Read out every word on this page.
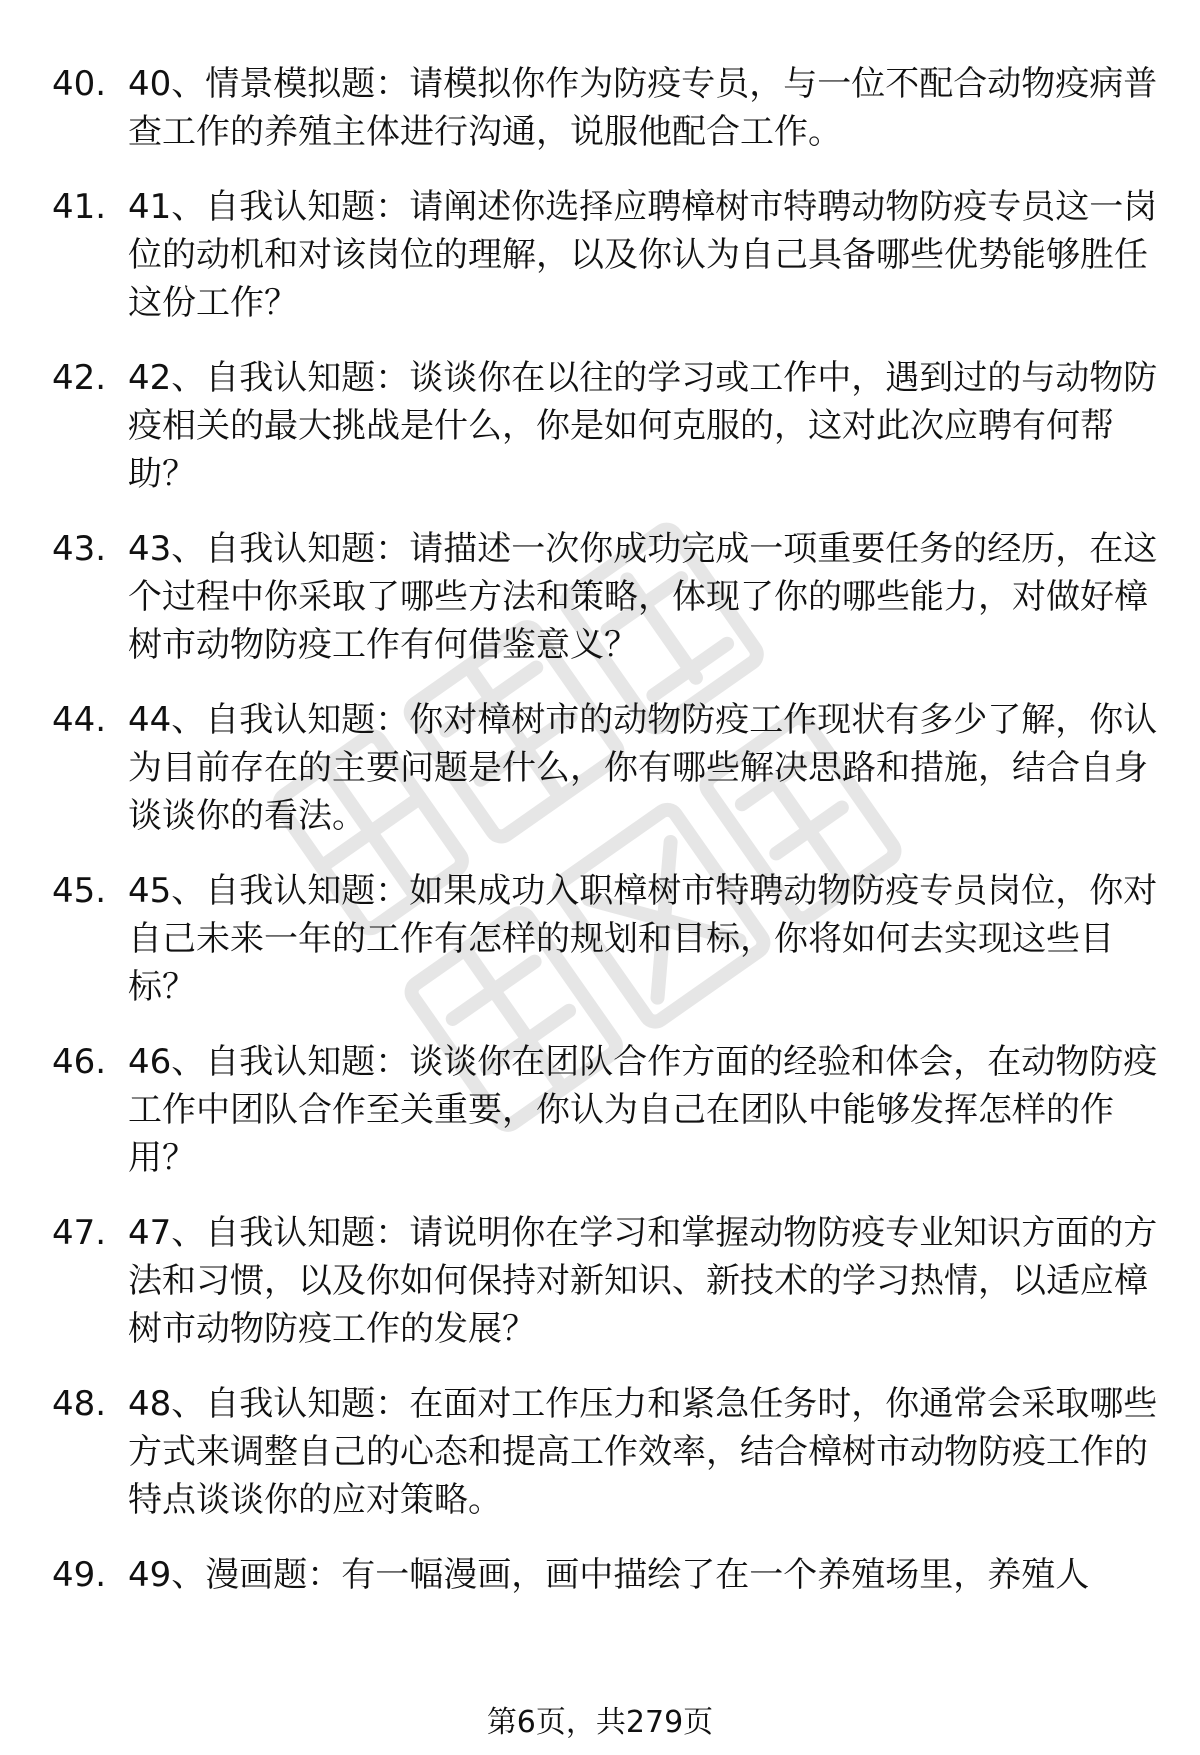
40. 40、情景模拟题：请模拟你作为防疫专员，与一位不配合动物疫病普查工作的养殖主体进行沟通，说服他配合工作。
41. 41、自我认知题：请阐述你选择应聘樟树市特聘动物防疫专员这一岗位的动机和对该岗位的理解，以及你认为自己具备哪些优势能够胜任这份工作？
42. 42、自我认知题：谈谈你在以往的学习或工作中，遇到过的与动物防疫相关的最大挑战是什么，你是如何克服的，这对此次应聘有何帮助？
43. 43、自我认知题：请描述一次你成功完成一项重要任务的经历，在这个过程中你采取了哪些方法和策略，体现了你的哪些能力，对做好樟树市动物防疫工作有何借鉴意义？
44. 44、自我认知题：你对樟树市的动物防疫工作现状有多少了解，你认为目前存在的主要问题是什么，你有哪些解决思路和措施，结合自身谈谈你的看法。
45. 45、自我认知题：如果成功入职樟树市特聘动物防疫专员岗位，你对自己未来一年的工作有怎样的规划和目标，你将如何去实现这些目标？
46. 46、自我认知题：谈谈你在团队合作方面的经验和体会，在动物防疫工作中团队合作至关重要，你认为自己在团队中能够发挥怎样的作用？
47. 47、自我认知题：请说明你在学习和掌握动物防疫专业知识方面的方法和习惯，以及你如何保持对新知识、新技术的学习热情，以适应樟树市动物防疫工作的发展？
48. 48、自我认知题：在面对工作压力和紧急任务时，你通常会采取哪些方式来调整自己的心态和提高工作效率，结合樟树市动物防疫工作的特点谈谈你的应对策略。
49. 49、漫画题：有一幅漫画，画中描绘了在一个养殖场里，养殖人
第6页，共279页
